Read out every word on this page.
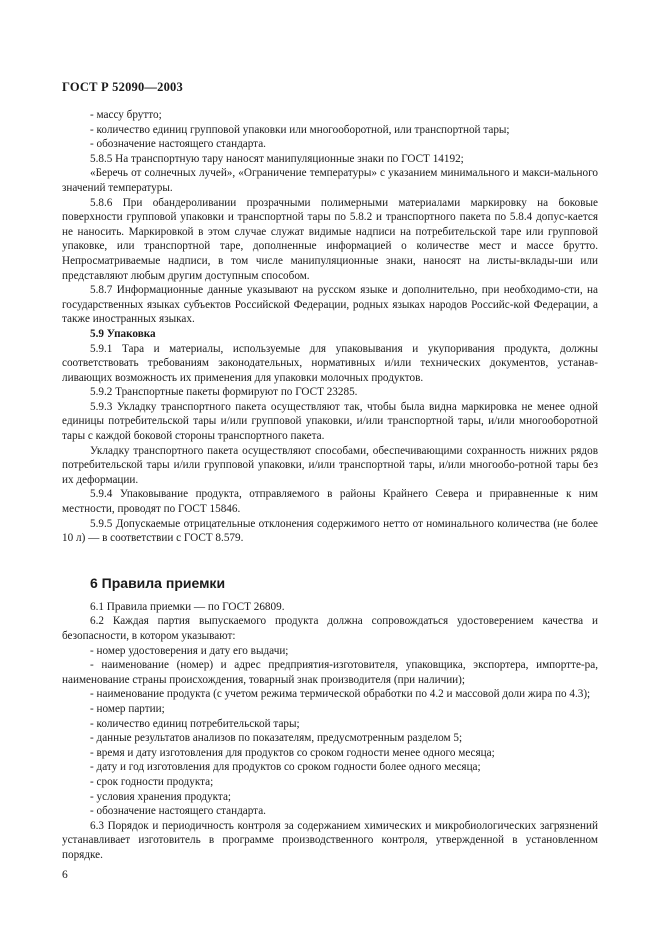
ГОСТ Р 52090—2003

- массу брутто;

- количество единиц групповой упаковки или многооборотной, или транспортной тары;

- обозначение настоящего стандарта.

5.8.5 На транспортную тару наносят манипуляционные знаки по ГОСТ 14192;

«Беречь от солнечных лучей», «Ограничение температуры» с указанием минимального и макси-мального значений температуры.

5.8.6 При обандероливании прозрачными полимерными материалами маркировку на боковые поверхности групповой упаковки и транспортной тары по 5.8.2 и транспортного пакета по 5.8.4 допус-кается не наносить. Маркировкой в этом случае служат видимые надписи на потребительской таре или групповой упаковке, или транспортной таре, дополненные информацией о количестве мест и массе брутто. Непросматриваемые надписи, в том числе манипуляционные знаки, наносят на листы-вклады-ши или представляют любым другим доступным способом.

5.8.7 Информационные данные указывают на русском языке и дополнительно, при необходимо-сти, на государственных языках субъектов Российской Федерации, родных языках народов Российс-кой Федерации, а также иностранных языках.

5.9 Упаковка

5.9.1 Тара и материалы, используемые для упаковывания и укупоривания продукта, должны соответствовать требованиям законодательных, нормативных и/или технических документов, устанав-ливающих возможность их применения для упаковки молочных продуктов.

5.9.2 Транспортные пакеты формируют по ГОСТ 23285.

5.9.3 Укладку транспортного пакета осуществляют так, чтобы была видна маркировка не менее одной единицы потребительской тары и/или групповой упаковки, и/или транспортной тары, и/или многооборотной тары с каждой боковой стороны транспортного пакета.

Укладку транспортного пакета осуществляют способами, обеспечивающими сохранность нижних рядов потребительской тары и/или групповой упаковки, и/или транспортной тары, и/или многообо-ротной тары без их деформации.

5.9.4 Упаковывание продукта, отправляемого в районы Крайнего Севера и приравненные к ним местности, проводят по ГОСТ 15846.

5.9.5 Допускаемые отрицательные отклонения содержимого нетто от номинального количества (не более 10 л) — в соответствии с ГОСТ 8.579.

6 Правила приемки

6.1 Правила приемки — по ГОСТ 26809.

6.2 Каждая партия выпускаемого продукта должна сопровождаться удостоверением качества и безопасности, в котором указывают:

- номер удостоверения и дату его выдачи;

- наименование (номер) и адрес предприятия-изготовителя, упаковщика, экспортера, импортте-ра, наименование страны происхождения, товарный знак производителя (при наличии);

- наименование продукта (с учетом режима термической обработки по 4.2 и массовой доли жира по 4.3);

- номер партии;

- количество единиц потребительской тары;

- данные результатов анализов по показателям, предусмотренным разделом 5;

- время и дату изготовления для продуктов со сроком годности менее одного месяца;

- дату и год изготовления для продуктов со сроком годности более одного месяца;

- срок годности продукта;

- условия хранения продукта;

- обозначение настоящего стандарта.

6.3 Порядок и периодичность контроля за содержанием химических и микробиологических загрязнений устанавливает изготовитель в программе производственного контроля, утвержденной в установленном порядке.

6
